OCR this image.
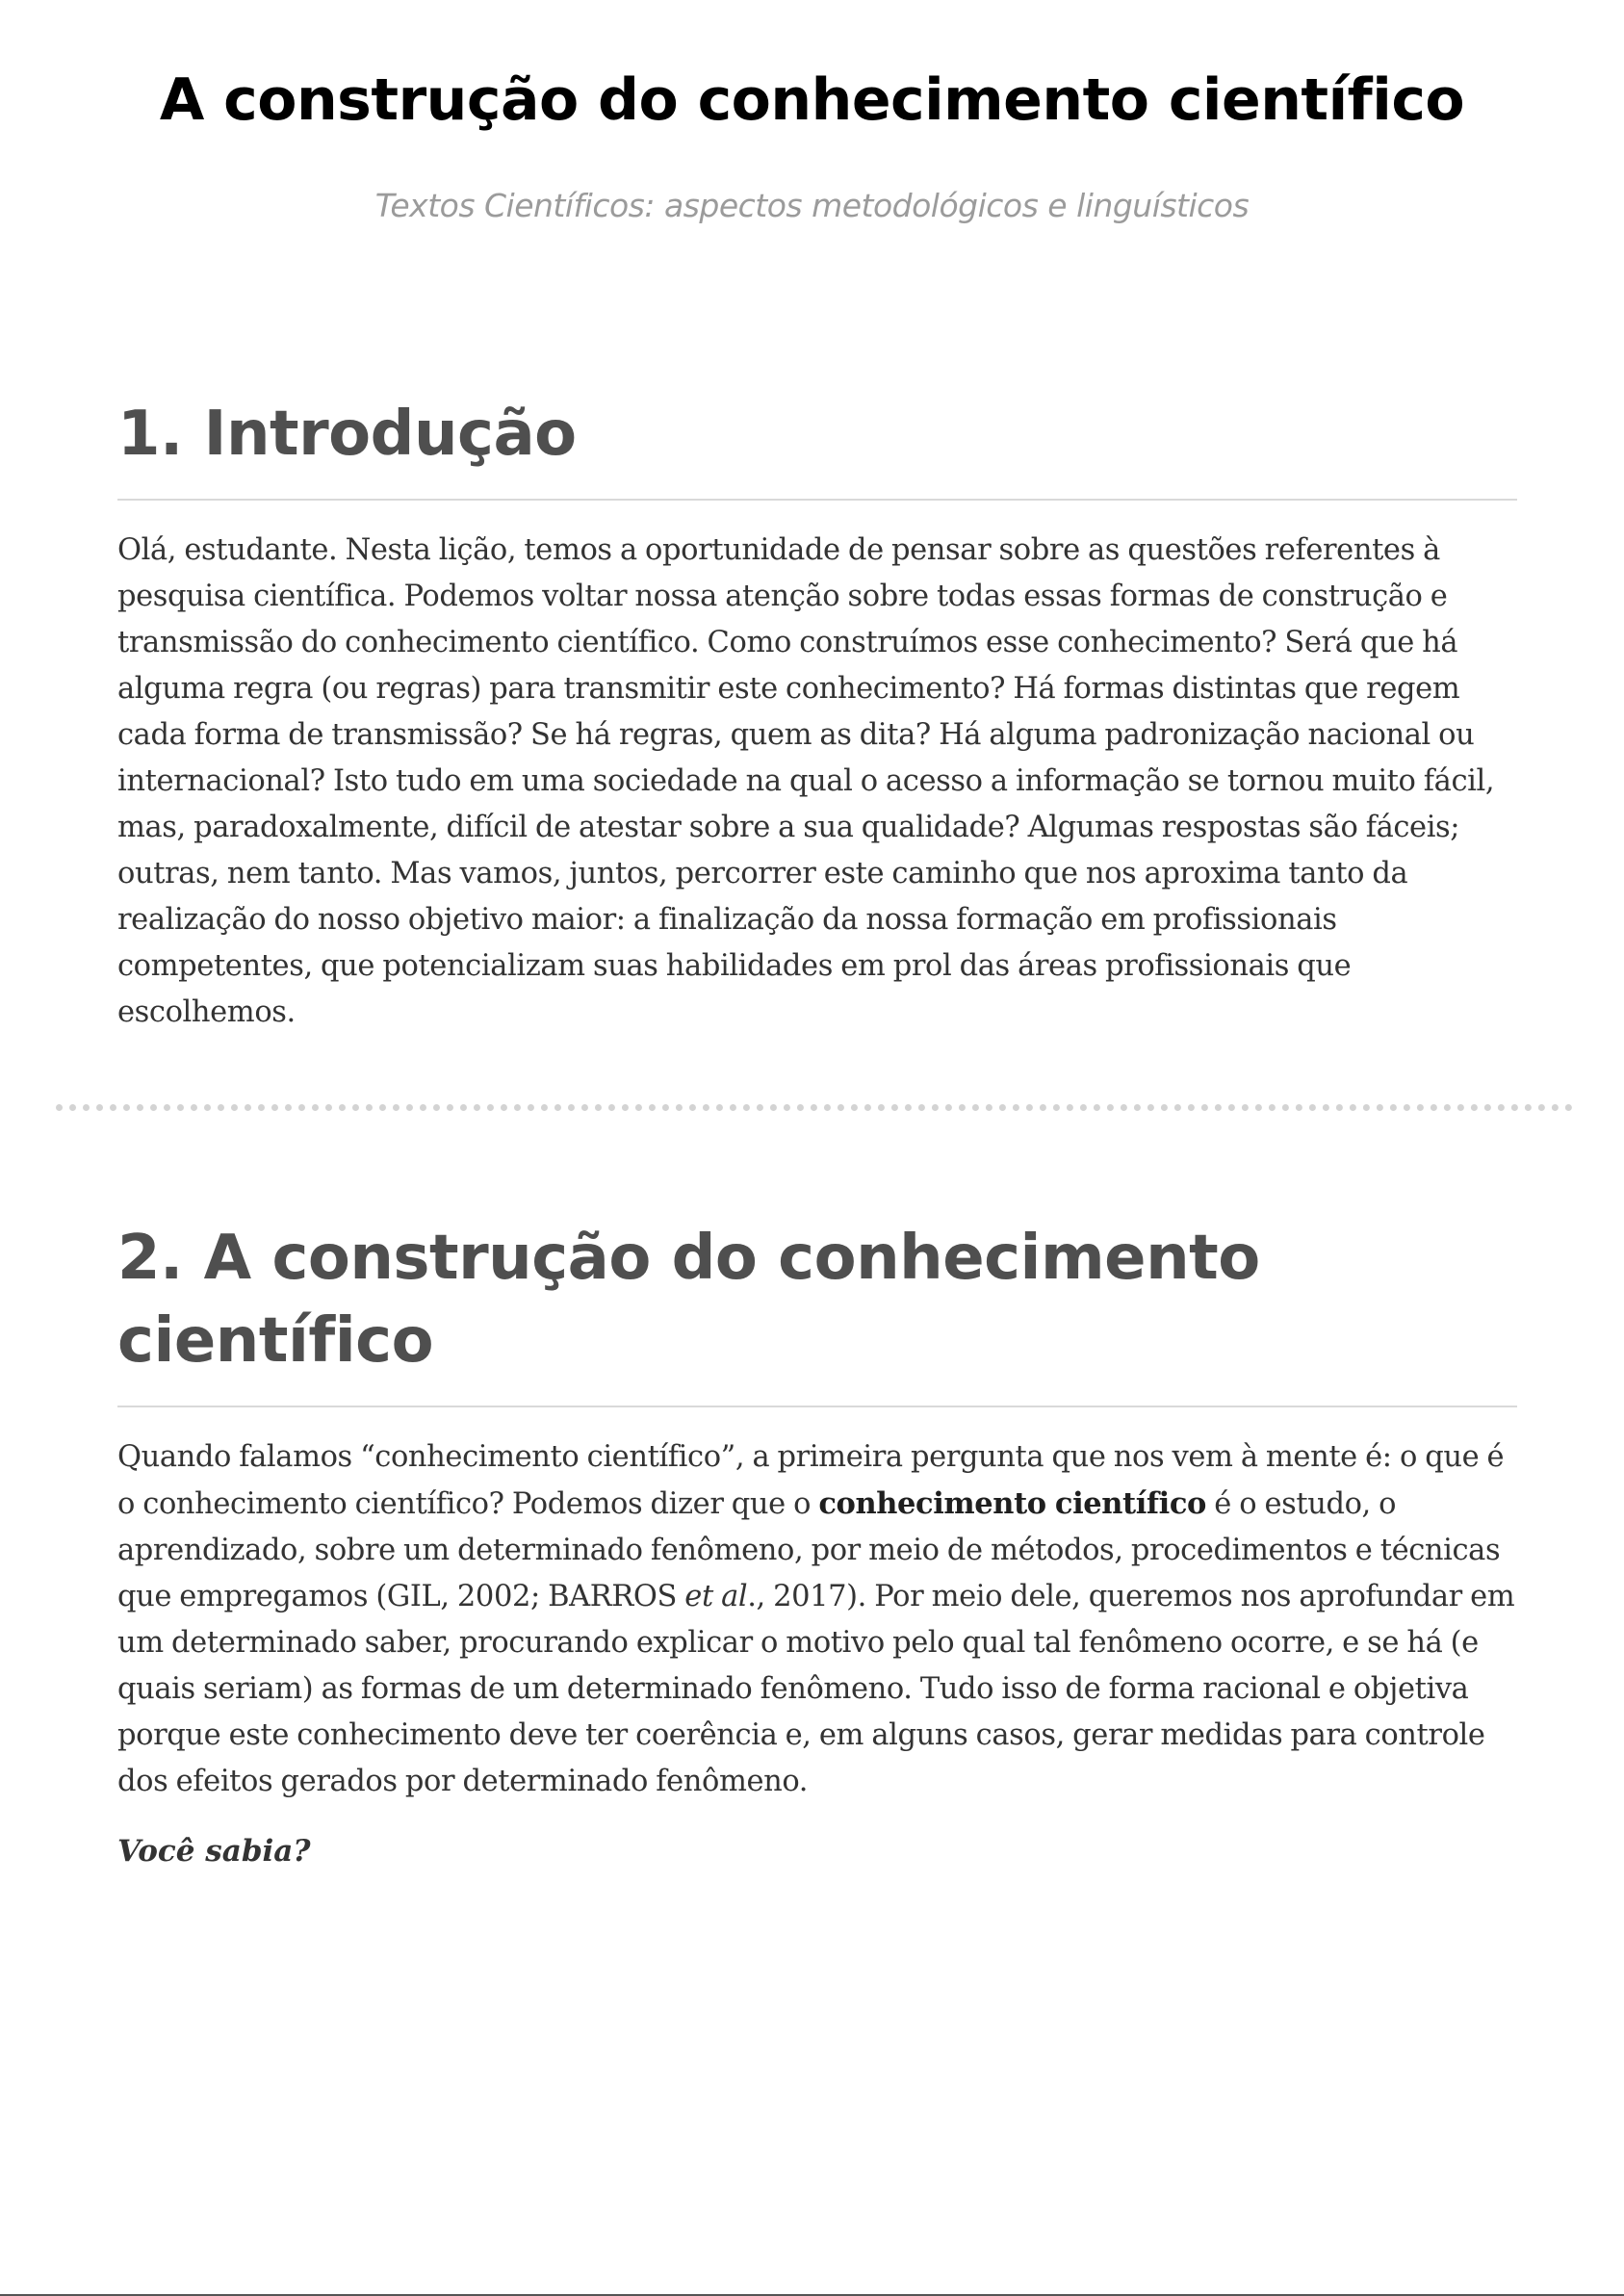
A construção do conhecimento científico

Textos Científicos: aspectos metodológicos e linguísticos

1. Introdução

Olá, estudante. Nesta lição, temos a oportunidade de pensar sobre as questões referentes à pesquisa científica. Podemos voltar nossa atenção sobre todas essas formas de construção e transmissão do conhecimento científico. Como construímos esse conhecimento? Será que há alguma regra (ou regras) para transmitir este conhecimento? Há formas distintas que regem cada forma de transmissão? Se há regras, quem as dita? Há alguma padronização nacional ou internacional? Isto tudo em uma sociedade na qual o acesso a informação se tornou muito fácil, mas, paradoxalmente, difícil de atestar sobre a sua qualidade? Algumas respostas são fáceis; outras, nem tanto. Mas vamos, juntos, percorrer este caminho que nos aproxima tanto da realização do nosso objetivo maior: a finalização da nossa formação em profissionais competentes, que potencializam suas habilidades em prol das áreas profissionais que escolhemos.

2. A construção do conhecimento científico

Quando falamos “conhecimento científico”, a primeira pergunta que nos vem à mente é: o que é o conhecimento científico? Podemos dizer que o conhecimento científico é o estudo, o aprendizado, sobre um determinado fenômeno, por meio de métodos, procedimentos e técnicas que empregamos (GIL, 2002; BARROS et al., 2017). Por meio dele, queremos nos aprofundar em um determinado saber, procurando explicar o motivo pelo qual tal fenômeno ocorre, e se há (e quais seriam) as formas de um determinado fenômeno. Tudo isso de forma racional e objetiva porque este conhecimento deve ter coerência e, em alguns casos, gerar medidas para controle dos efeitos gerados por determinado fenômeno.

Você sabia?
